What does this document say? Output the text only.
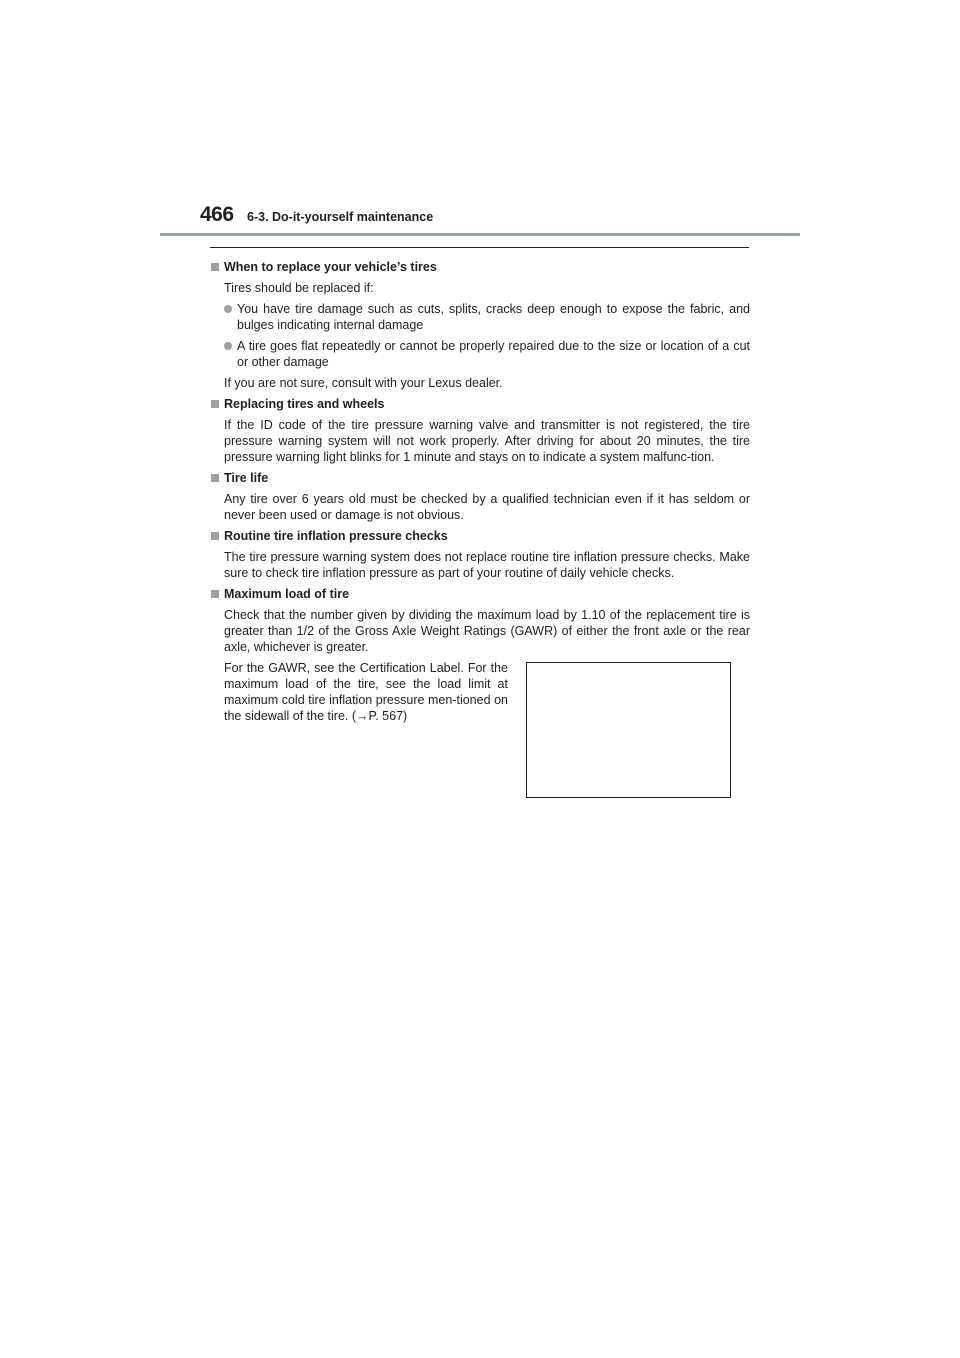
466 6-3. Do-it-yourself maintenance
When to replace your vehicle’s tires
Tires should be replaced if:
You have tire damage such as cuts, splits, cracks deep enough to expose the fabric, and bulges indicating internal damage
A tire goes flat repeatedly or cannot be properly repaired due to the size or location of a cut or other damage
If you are not sure, consult with your Lexus dealer.
Replacing tires and wheels
If the ID code of the tire pressure warning valve and transmitter is not registered, the tire pressure warning system will not work properly. After driving for about 20 minutes, the tire pressure warning light blinks for 1 minute and stays on to indicate a system malfunc-tion.
Tire life
Any tire over 6 years old must be checked by a qualified technician even if it has seldom or never been used or damage is not obvious.
Routine tire inflation pressure checks
The tire pressure warning system does not replace routine tire inflation pressure checks. Make sure to check tire inflation pressure as part of your routine of daily vehicle checks.
Maximum load of tire
Check that the number given by dividing the maximum load by 1.10 of the replacement tire is greater than 1/2 of the Gross Axle Weight Ratings (GAWR) of either the front axle or the rear axle, whichever is greater.
For the GAWR, see the Certification Label. For the maximum load of the tire, see the load limit at maximum cold tire inflation pressure men-tioned on the sidewall of the tire. (→P. 567)
